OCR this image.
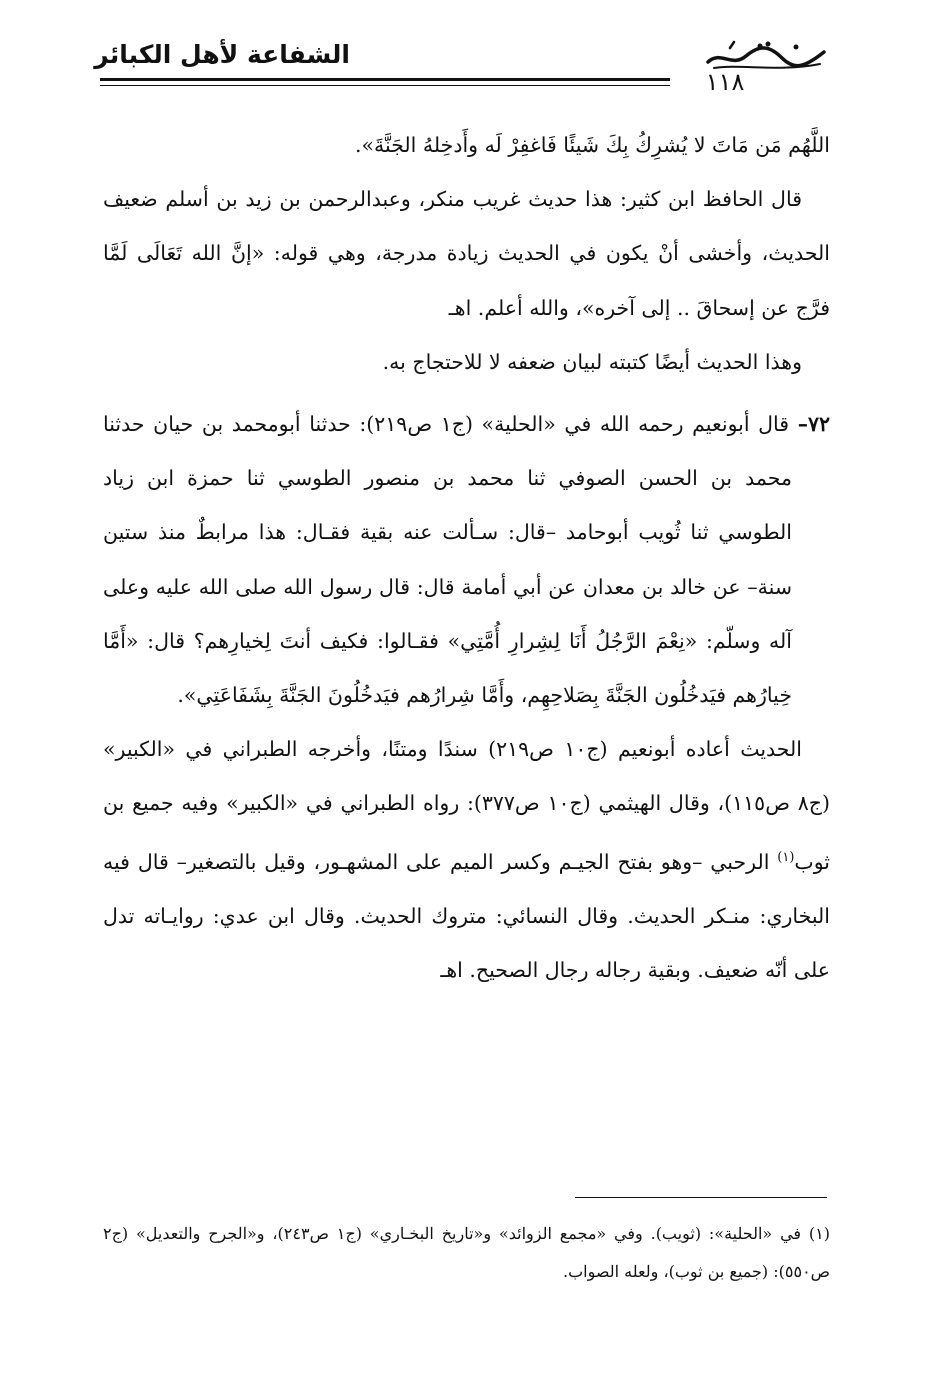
الشفاعة لأهل الكبائر
١١٨

اللَّهُم مَن مَاتَ لا يُشرِكُ بِكَ شَيئًا فَاغفِرْ لَه وأَدخِلهُ الجَنَّةَ».

قال الحافظ ابن كثير: هذا حديث غريب منكر، وعبدالرحمن بن زيد بن أسلم ضعيف الحديث، وأخشى أنْ يكون في الحديث زيادة مدرجة، وهي قوله: «إنَّ الله تَعَالَى لَمَّا فرَّج عن إسحاقَ .. إلى آخره»، والله أعلم. اهـ

وهذا الحديث أيضًا كتبته لبيان ضعفه لا للاحتجاج به.

٧٢– قال أبونعيم رحمه الله في «الحلية» (ج١ ص٢١٩): حدثنا أبومحمد بن حيان حدثنا محمد بن الحسن الصوفي ثنا محمد بن منصور الطوسي ثنا حمزة ابن زياد الطوسي ثنا ثُويب أبوحامد –قال: سـألت عنه بقية فقـال: هذا مرابطٌ منذ ستين سنة– عن خالد بن معدان عن أبي أمامة قال: قال رسول الله صلى الله عليه وعلى آله وسلّم: «نِعْمَ الرَّجُلُ أَنَا لِشِرارِ أُمَّتِي» فقـالوا: فكيف أنتَ لِخيارِهم؟ قال: «أَمَّا خِيارُهم فيَدخُلُون الجَنَّةَ بِصَلاحِهِم، وأَمَّا شِرارُهم فيَدخُلُونَ الجَنَّةَ بِشَفَاعَتِي».

الحديث أعاده أبونعيم (ج١٠ ص٢١٩) سندًا ومتنًا، وأخرجه الطبراني في «الكبير» (ج٨ ص١١٥)، وقال الهيثمي (ج١٠ ص٣٧٧): رواه الطبراني في «الكبير» وفيه جميع بن ثوب$^{(١)}$ الرحبي –وهو بفتح الجيـم وكسر الميم على المشهـور، وقيل بالتصغير– قال فيه البخاري: منـكر الحديث. وقال النسائي: متروك الحديث. وقال ابن عدي: روايـاته تدل على أنّه ضعيف. وبقية رجاله رجال الصحيح. اهـ

(١) في «الحلية»: (ثويب). وفي «مجمع الزوائد» و«تاريخ البخـاري» (ج١ ص٢٤٣)، و«الجرح والتعديل» (ج٢ ص٥٥٠): (جميع بن ثوب)، ولعله الصواب.
